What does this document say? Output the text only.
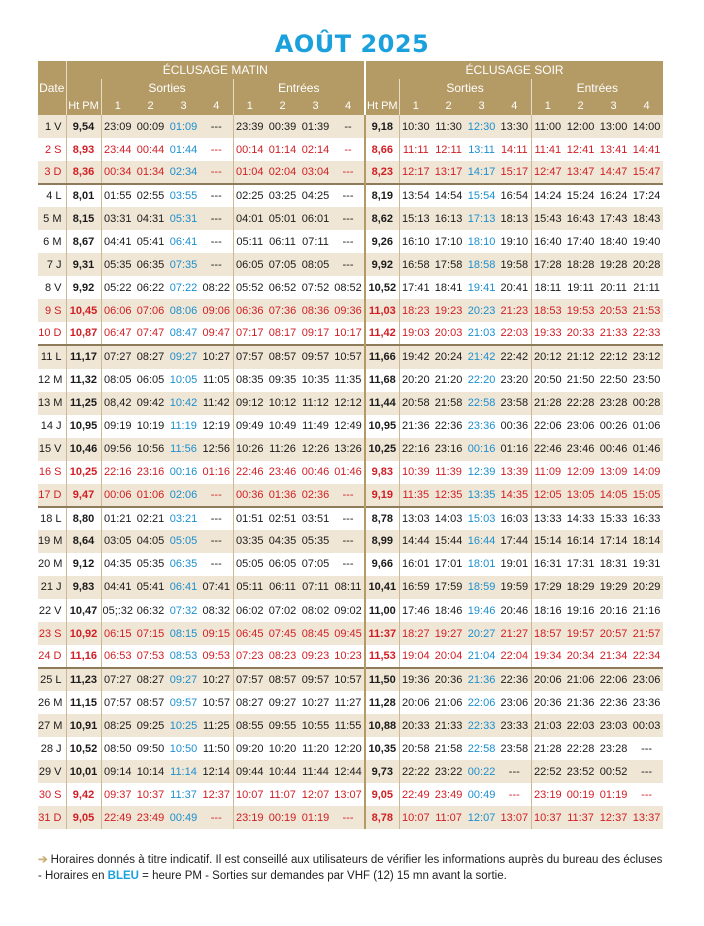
AOÛT 2025
Date	ÉCLUSAGE MATIN									ÉCLUSAGE SOIR								
		Sorties				Entrées					Sorties				Entrées			
	Ht PM	1	2	3	4	1	2	3	4	Ht PM	1	2	3	4	1	2	3	4
1 V	9,54	23:09	00:09	01:09	---	23:39	00:39	01:39	--	9,18	10:30	11:30	12:30	13:30	11:00	12:00	13:00	14:00
2 S	8,93	23:44	00:44	01:44	---	00:14	01:14	02:14	--	8,66	11:11	12:11	13:11	14:11	11:41	12:41	13:41	14:41
3 D	8,36	00:34	01:34	02:34	---	01:04	02:04	03:04	---	8,23	12:17	13:17	14:17	15:17	12:47	13:47	14:47	15:47
4 L	8,01	01:55	02:55	03:55	---	02:25	03:25	04:25	---	8,19	13:54	14:54	15:54	16:54	14:24	15:24	16:24	17:24
5 M	8,15	03:31	04:31	05:31	---	04:01	05:01	06:01	---	8,62	15:13	16:13	17:13	18:13	15:43	16:43	17:43	18:43
6 M	8,67	04:41	05:41	06:41	---	05:11	06:11	07:11	---	9,26	16:10	17:10	18:10	19:10	16:40	17:40	18:40	19:40
7 J	9,31	05:35	06:35	07:35	---	06:05	07:05	08:05	---	9,92	16:58	17:58	18:58	19:58	17:28	18:28	19:28	20:28
8 V	9,92	05:22	06:22	07:22	08:22	05:52	06:52	07:52	08:52	10,52	17:41	18:41	19:41	20:41	18:11	19:11	20:11	21:11
9 S	10,45	06:06	07:06	08:06	09:06	06:36	07:36	08:36	09:36	11,03	18:23	19:23	20:23	21:23	18:53	19:53	20:53	21:53
10 D	10,87	06:47	07:47	08:47	09:47	07:17	08:17	09:17	10:17	11,42	19:03	20:03	21:03	22:03	19:33	20:33	21:33	22:33
11 L	11,17	07:27	08:27	09:27	10:27	07:57	08:57	09:57	10:57	11,66	19:42	20:24	21:42	22:42	20:12	21:12	22:12	23:12
12 M	11,32	08:05	06:05	10:05	11:05	08:35	09:35	10:35	11:35	11,68	20:20	21:20	22:20	23:20	20:50	21:50	22:50	23:50
13 M	11,25	08,42	09:42	10:42	11:42	09:12	10:12	11:12	12:12	11,44	20:58	21:58	22:58	23:58	21:28	22:28	23:28	00:28
14 J	10,95	09:19	10:19	11:19	12:19	09:49	10:49	11:49	12:49	10,95	21:36	22:36	23:36	00:36	22:06	23:06	00:26	01:06
15 V	10,46	09:56	10:56	11:56	12:56	10:26	11:26	12:26	13:26	10,25	22:16	23:16	00:16	01:16	22:46	23:46	00:46	01:46
16 S	10,25	22:16	23:16	00:16	01:16	22:46	23:46	00:46	01:46	9,83	10:39	11:39	12:39	13:39	11:09	12:09	13:09	14:09
17 D	9,47	00:06	01:06	02:06	---	00:36	01:36	02:36	---	9,19	11:35	12:35	13:35	14:35	12:05	13:05	14:05	15:05
18 L	8,80	01:21	02:21	03:21	---	01:51	02:51	03:51	---	8,78	13:03	14:03	15:03	16:03	13:33	14:33	15:33	16:33
19 M	8,64	03:05	04:05	05:05	---	03:35	04:35	05:35	---	8,99	14:44	15:44	16:44	17:44	15:14	16:14	17:14	18:14
20 M	9,12	04:35	05:35	06:35	---	05:05	06:05	07:05	---	9,66	16:01	17:01	18:01	19:01	16:31	17:31	18:31	19:31
21 J	9,83	04:41	05:41	06:41	07:41	05:11	06:11	07:11	08:11	10,41	16:59	17:59	18:59	19:59	17:29	18:29	19:29	20:29
22 V	10,47	05;:32	06:32	07:32	08:32	06:02	07:02	08:02	09:02	11,00	17:46	18:46	19:46	20:46	18:16	19:16	20:16	21:16
23 S	10,92	06:15	07:15	08:15	09:15	06:45	07:45	08:45	09:45	11:37	18:27	19:27	20:27	21:27	18:57	19:57	20:57	21:57
24 D	11,16	06:53	07:53	08:53	09:53	07:23	08:23	09:23	10:23	11,53	19:04	20:04	21:04	22:04	19:34	20:34	21:34	22:34
25 L	11,23	07:27	08:27	09:27	10:27	07:57	08:57	09:57	10:57	11,50	19:36	20:36	21:36	22:36	20:06	21:06	22:06	23:06
26 M	11,15	07:57	08:57	09:57	10:57	08:27	09:27	10:27	11:27	11,28	20:06	21:06	22:06	23:06	20:36	21:36	22:36	23:36
27 M	10,91	08:25	09:25	10:25	11:25	08:55	09:55	10:55	11:55	10,88	20:33	21:33	22:33	23:33	21:03	22:03	23:03	00:03
28 J	10,52	08:50	09:50	10:50	11:50	09:20	10:20	11:20	12:20	10,35	20:58	21:58	22:58	23:58	21:28	22:28	23:28	---
29 V	10,01	09:14	10:14	11:14	12:14	09:44	10:44	11:44	12:44	9,73	22:22	23:22	00:22	---	22:52	23:52	00:52	---
30 S	9,42	09:37	10:37	11:37	12:37	10:07	11:07	12:07	13:07	9,05	22:49	23:49	00:49	---	23:19	00:19	01:19	---
31 D	9,05	22:49	23:49	00:49	---	23:19	00:19	01:19	---	8,78	10:07	11:07	12:07	13:07	10:37	11:37	12:37	13:37
➔ Horaires donnés à titre indicatif. Il est conseillé aux utilisateurs de vérifier les informations auprès du bureau des écluses - Horaires en BLEU = heure PM - Sorties sur demandes par VHF (12) 15 mn avant la sortie.
